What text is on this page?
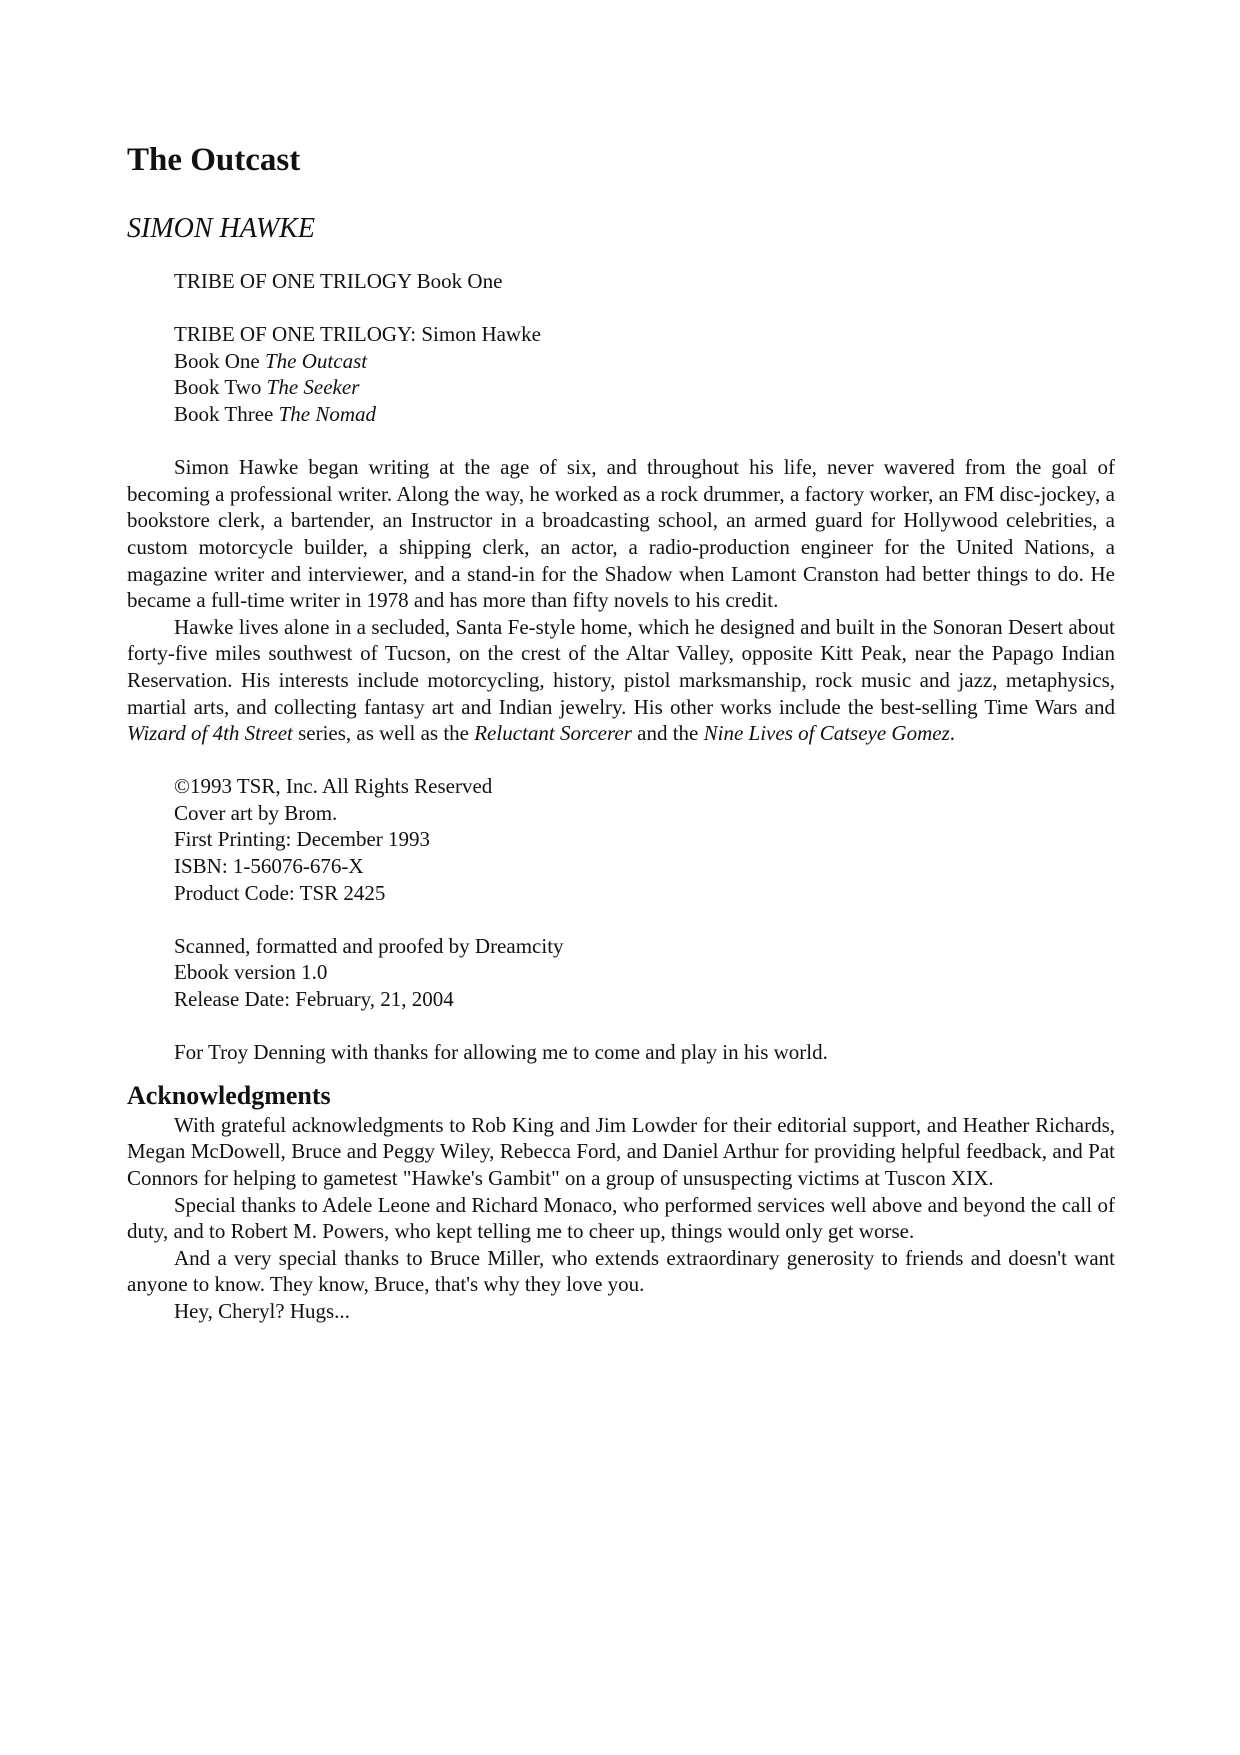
The Outcast
SIMON HAWKE
TRIBE OF ONE TRILOGY Book One
TRIBE OF ONE TRILOGY: Simon Hawke
Book One The Outcast
Book Two The Seeker
Book Three The Nomad

Simon Hawke began writing at the age of six, and throughout his life, never wavered from the goal of becoming a professional writer. Along the way, he worked as a rock drummer, a factory worker, an FM disc-jockey, a bookstore clerk, a bartender, an Instructor in a broadcasting school, an armed guard for Hollywood celebrities, a custom motorcycle builder, a shipping clerk, an actor, a radio-production engineer for the United Nations, a magazine writer and interviewer, and a stand-in for the Shadow when Lamont Cranston had better things to do. He became a full-time writer in 1978 and has more than fifty novels to his credit.

Hawke lives alone in a secluded, Santa Fe-style home, which he designed and built in the Sonoran Desert about forty-five miles southwest of Tucson, on the crest of the Altar Valley, opposite Kitt Peak, near the Papago Indian Reservation. His interests include motorcycling, history, pistol marksmanship, rock music and jazz, metaphysics, martial arts, and collecting fantasy art and Indian jewelry. His other works include the best-selling Time Wars and Wizard of 4th Street series, as well as the Reluctant Sorcerer and the Nine Lives of Catseye Gomez.

©1993 TSR, Inc. All Rights Reserved
Cover art by Brom.
First Printing: December 1993
ISBN: 1-56076-676-X
Product Code: TSR 2425
Scanned, formatted and proofed by Dreamcity
Ebook version 1.0
Release Date: February, 21, 2004
For Troy Denning with thanks for allowing me to come and play in his world.
Acknowledgments

With grateful acknowledgments to Rob King and Jim Lowder for their editorial support, and Heather Richards, Megan McDowell, Bruce and Peggy Wiley, Rebecca Ford, and Daniel Arthur for providing helpful feedback, and Pat Connors for helping to gametest "Hawke's Gambit" on a group of unsuspecting victims at Tuscon XIX.

Special thanks to Adele Leone and Richard Monaco, who performed services well above and beyond the call of duty, and to Robert M. Powers, who kept telling me to cheer up, things would only get worse.

And a very special thanks to Bruce Miller, who extends extraordinary generosity to friends and doesn't want anyone to know. They know, Bruce, that's why they love you.

Hey, Cheryl? Hugs...
